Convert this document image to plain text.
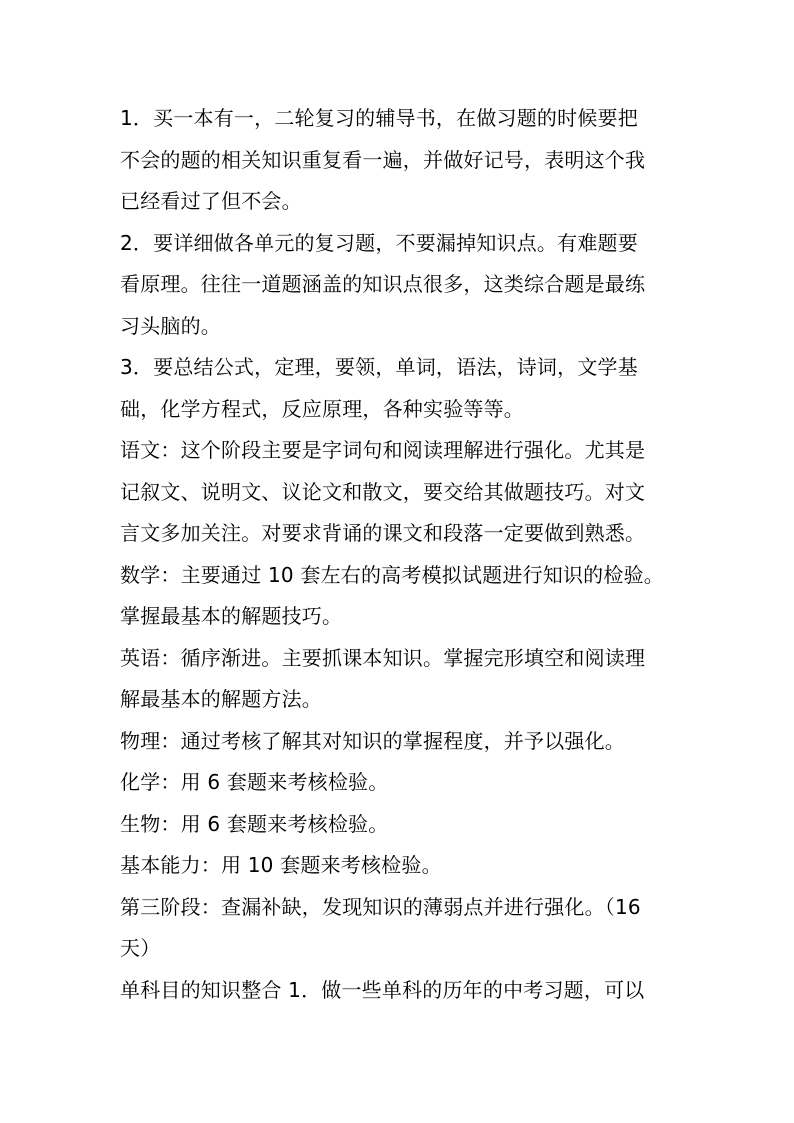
1．买一本有一，二轮复习的辅导书，在做习题的时候要把

不会的题的相关知识重复看一遍，并做好记号，表明这个我

已经看过了但不会。

2．要详细做各单元的复习题，不要漏掉知识点。有难题要

看原理。往往一道题涵盖的知识点很多，这类综合题是最练

习头脑的。

3．要总结公式，定理，要领，单词，语法，诗词，文学基

础，化学方程式，反应原理，各种实验等等。

语文：这个阶段主要是字词句和阅读理解进行强化。尤其是

记叙文、说明文、议论文和散文，要交给其做题技巧。对文

言文多加关注。对要求背诵的课文和段落一定要做到熟悉。

数学：主要通过 10 套左右的高考模拟试题进行知识的检验。

掌握最基本的解题技巧。

英语：循序渐进。主要抓课本知识。掌握完形填空和阅读理

解最基本的解题方法。

物理：通过考核了解其对知识的掌握程度，并予以强化。

化学：用 6 套题来考核检验。

生物：用 6 套题来考核检验。

基本能力：用 10 套题来考核检验。

第三阶段：查漏补缺，发现知识的薄弱点并进行强化。（16

天）

单科目的知识整合 1．做一些单科的历年的中考习题，可以
